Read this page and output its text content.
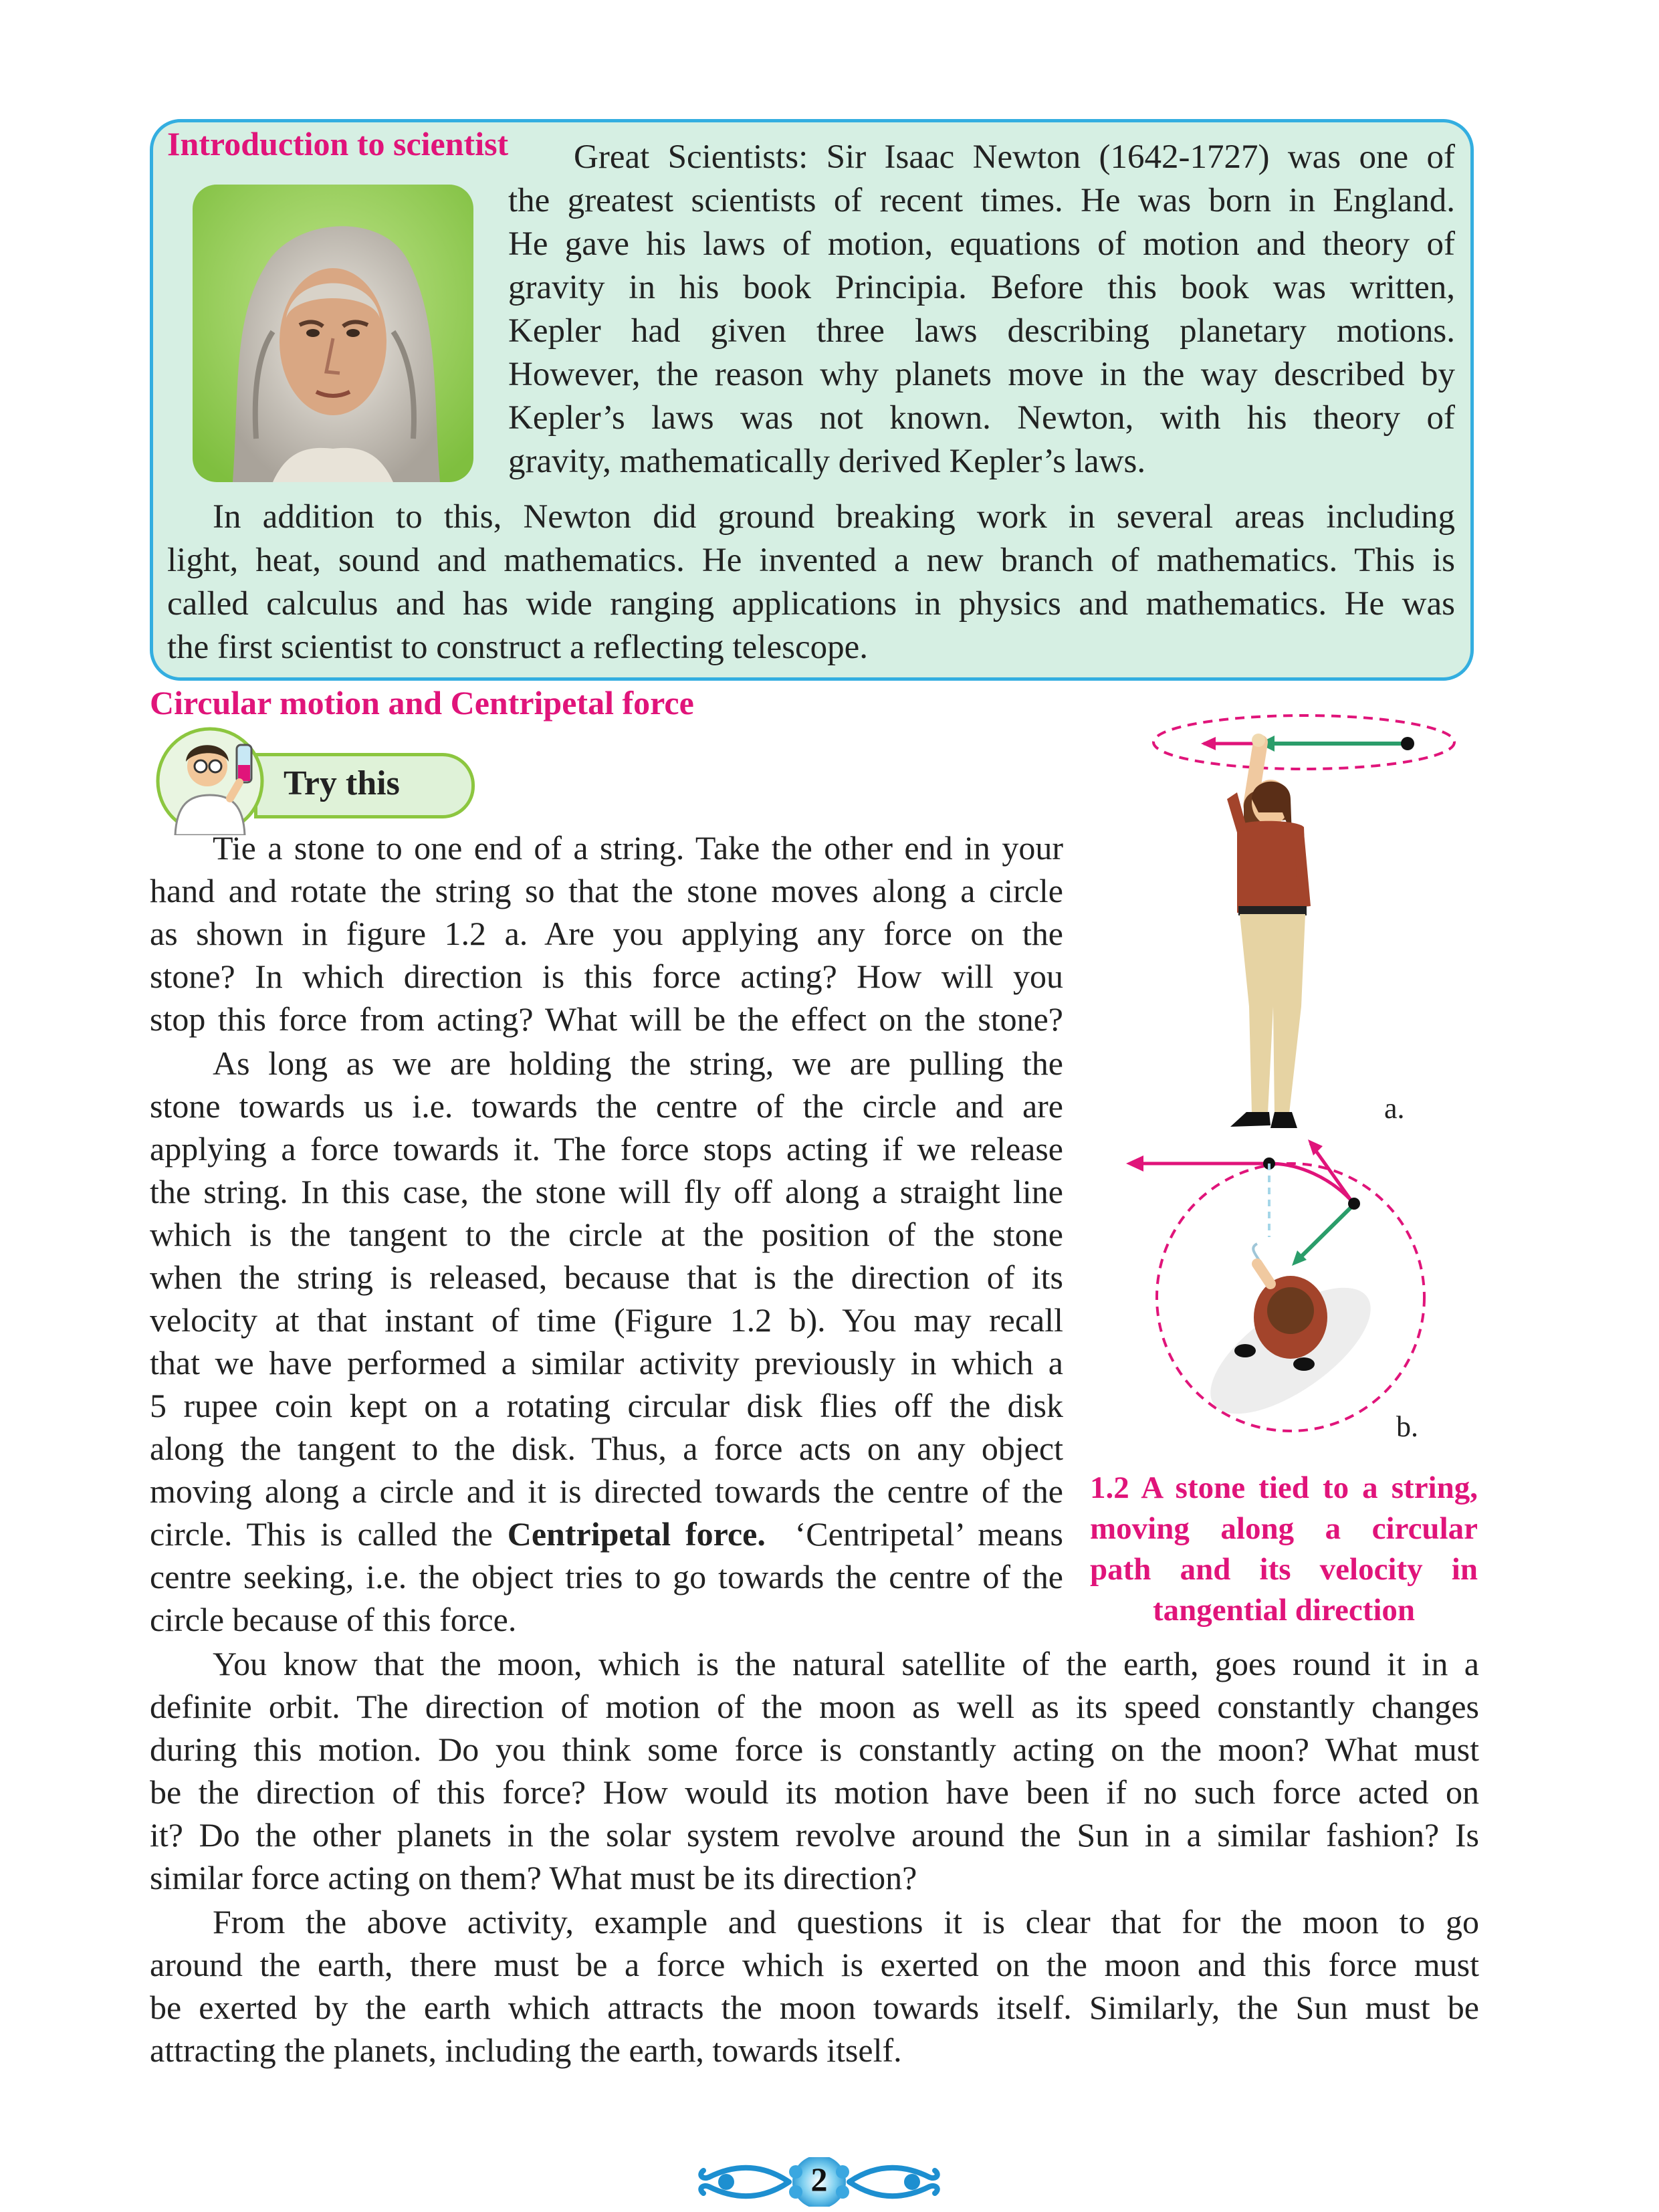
Introduction to scientist Great Scientists: Sir Isaac Newton (1642-1727) was one of
the greatest scientists of recent times. He was born in England.
He gave his laws of motion, equations of motion and theory of
gravity in his book Principia. Before this book was written,
Kepler had given three laws describing planetary motions.
However, the reason why planets move in the way described by
Kepler’s laws was not known. Newton, with his theory of
gravity, mathematically derived Kepler’s laws.
In addition to this, Newton did ground breaking work in several areas including
light, heat, sound and mathematics. He invented a new branch of mathematics. This is
called calculus and has wide ranging applications in physics and mathematics. He was
the first scientist to construct a reflecting telescope.
Circular motion and Centripetal force
Try this
Tie a stone to one end of a string. Take the other end in your
hand and rotate the string so that the stone moves along a circle
as shown in figure 1.2 a. Are you applying any force on the
stone? In which direction is this force acting? How will you
stop this force from acting? What will be the effect on the stone?
As long as we are holding the string, we are pulling the
stone towards us i.e. towards the centre of the circle and are
applying a force towards it. The force stops acting if we release
the string. In this case, the stone will fly off along a straight line
which is the tangent to the circle at the position of the stone
when the string is released, because that is the direction of its
velocity at that instant of time (Figure 1.2 b). You may recall
that we have performed a similar activity previously in which a
5 rupee coin kept on a rotating circular disk flies off the disk
along the tangent to the disk. Thus, a force acts on any object
moving along a circle and it is directed towards the centre of the
circle. This is called the Centripetal force.  ‘Centripetal’ means
centre seeking, i.e. the object tries to go towards the centre of the
circle because of this force.
You know that the moon, which is the natural satellite of the earth, goes round it in a
definite orbit. The direction of motion of the moon as well as its speed constantly changes
during this motion. Do you think some force is constantly acting on the moon? What must
be the direction of this force? How would its motion have been if no such force acted on
it? Do the other planets in the solar system revolve around the Sun in a similar fashion? Is
similar force acting on them? What must be its direction?
From the above activity, example and questions it is clear that for the moon to go
around the earth, there must be a force which is exerted on the moon and this force must
be exerted by the earth which attracts the moon towards itself. Similarly, the Sun must be
attracting the planets, including the earth, towards itself.
a.
b.
1.2 A stone tied to a string,
moving along a circular
path and its velocity in
tangential direction
2
